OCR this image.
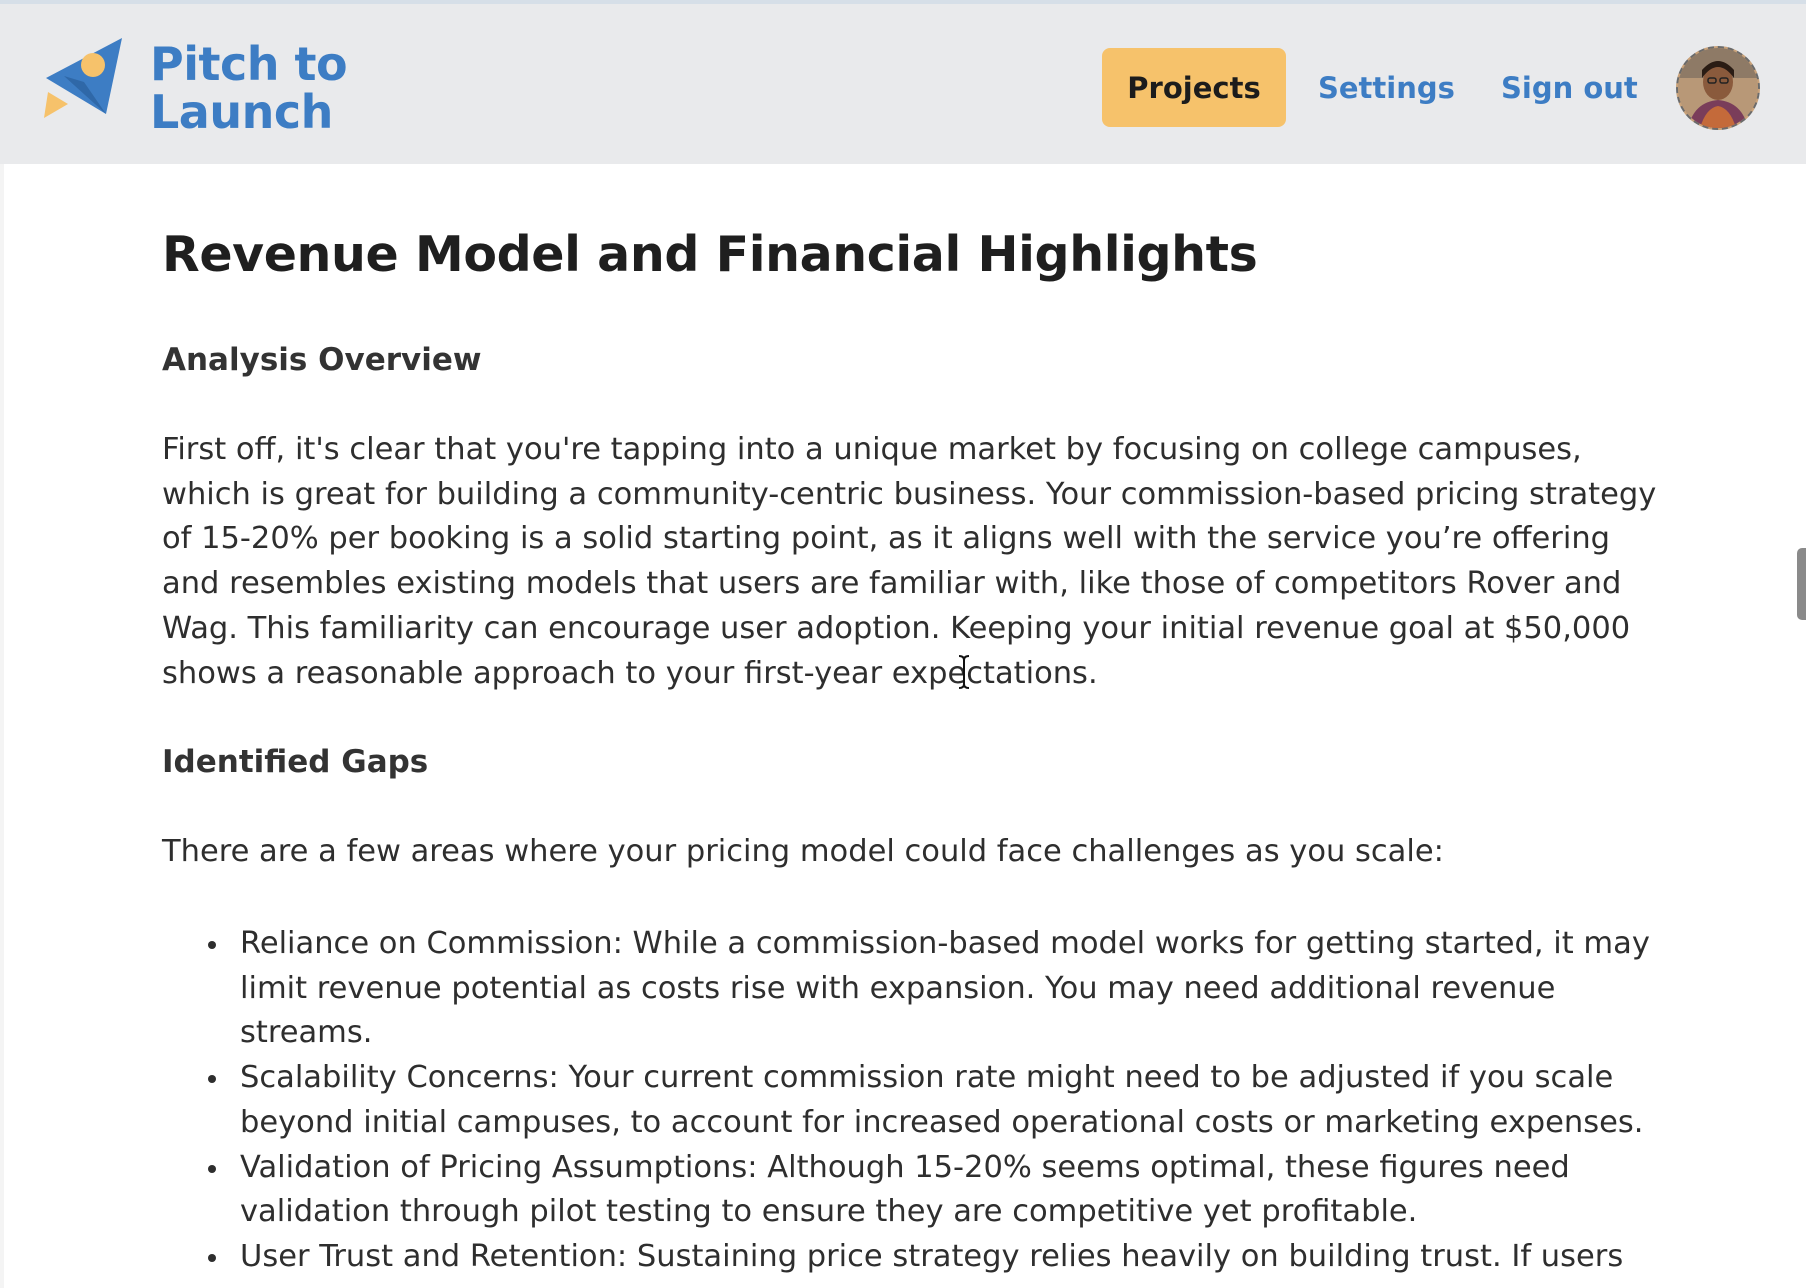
Pitch to
Launch	Projects	Settings Sign out
Revenue Model and Financial Highlights
Analysis Overview
First off, it's clear that you're tapping into a unique market by focusing on college campuses, which is great for building a community-centric business. Your commission-based pricing strategy of 15-20% per booking is a solid starting point, as it aligns well with the service you’re offering and resembles existing models that users are familiar with, like those of competitors Rover and Wag. This familiarity can encourage user adoption. Keeping your initial revenue goal at $50,000 shows a reasonable approach to your first-year expectations.
Identified Gaps
There are a few areas where your pricing model could face challenges as you scale:
Reliance on Commission: While a commission-based model works for getting started, it may limit revenue potential as costs rise with expansion. You may need additional revenue streams.
Scalability Concerns: Your current commission rate might need to be adjusted if you scale beyond initial campuses, to account for increased operational costs or marketing expenses.
Validation of Pricing Assumptions: Although 15-20% seems optimal, these figures need validation through pilot testing to ensure they are competitive yet profitable.
User Trust and Retention: Sustaining price strategy relies heavily on building trust. If users
